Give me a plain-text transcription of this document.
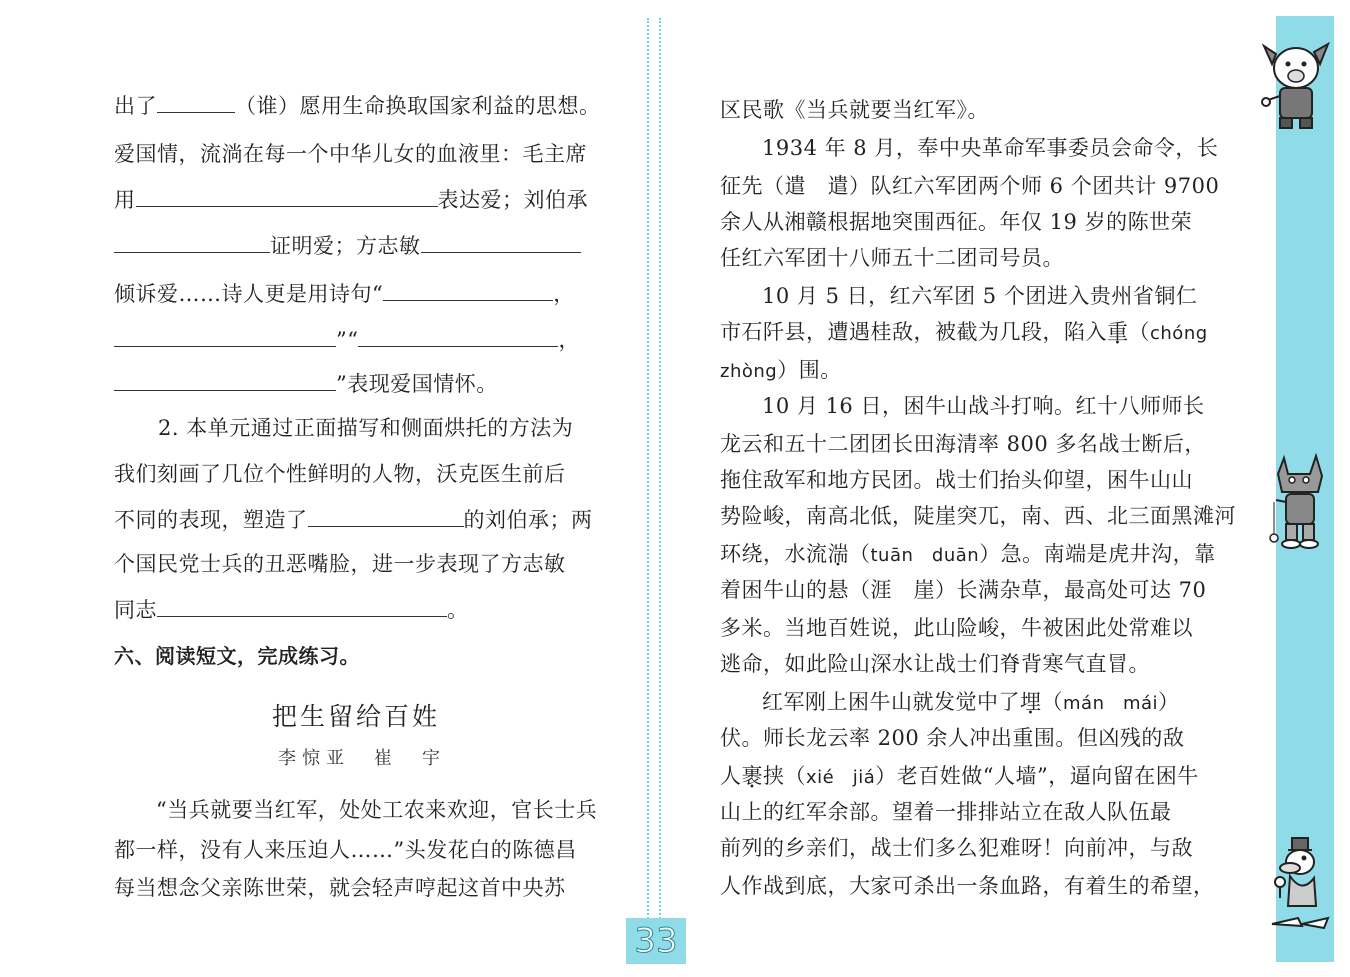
出了	（谁）愿用生命换取国家利益的思想。
爱国情，流淌在每一个中华儿女的血液里：毛主席
用	表达爱；刘伯承
证明爱；方志敏
倾诉爱……诗人更是用诗句“	，
”“	，
”表现爱国情怀。
2. 本单元通过正面描写和侧面烘托的方法为
我们刻画了几位个性鲜明的人物，沃克医生前后
不同的表现，塑造了	的刘伯承；两
个国民党士兵的丑恶嘴脸，进一步表现了方志敏
同志	。
六、阅读短文，完成练习。
把生留给百姓
李惊亚　崔　宇
“当兵就要当红军，处处工农来欢迎，官长士兵
都一样，没有人来压迫人……”头发花白的陈德昌
每当想念父亲陈世荣，就会轻声哼起这首中央苏
区民歌《当兵就要当红军》。
1934 年 8 月，奉中央革命军事委员会命令，长
征先（遣　遣）队红六军团两个师 6 个团共计 9700
余人从湘赣根据地突围西征。年仅 19 岁的陈世荣
任红六军团十八师五十二团司号员。
10 月 5 日，红六军团 5 个团进入贵州省铜仁
市石阡县，遭遇桂敌，被截为几段，陷入重（chóng
zhòng）围。
10 月 16 日，困牛山战斗打响。红十八师师长
龙云和五十二团团长田海清率 800 多名战士断后，
拖住敌军和地方民团。战士们抬头仰望，困牛山山
势险峻，南高北低，陡崖突兀，南、西、北三面黑滩河
环绕，水流湍（tuān　duān）急。南端是虎井沟，靠
着困牛山的悬（涯　崖）长满杂草，最高处可达 70
多米。当地百姓说，此山险峻，牛被困此处常难以
逃命，如此险山深水让战士们脊背寒气直冒。
红军刚上困牛山就发觉中了埋（mán　mái）
伏。师长龙云率 200 余人冲出重围。但凶残的敌
人裹挟（xié　jiá）老百姓做“人墙”，逼向留在困牛
山上的红军余部。望着一排排站立在敌人队伍最
前列的乡亲们，战士们多么犯难呀！向前冲，与敌
人作战到底，大家可杀出一条血路，有着生的希望，
33
